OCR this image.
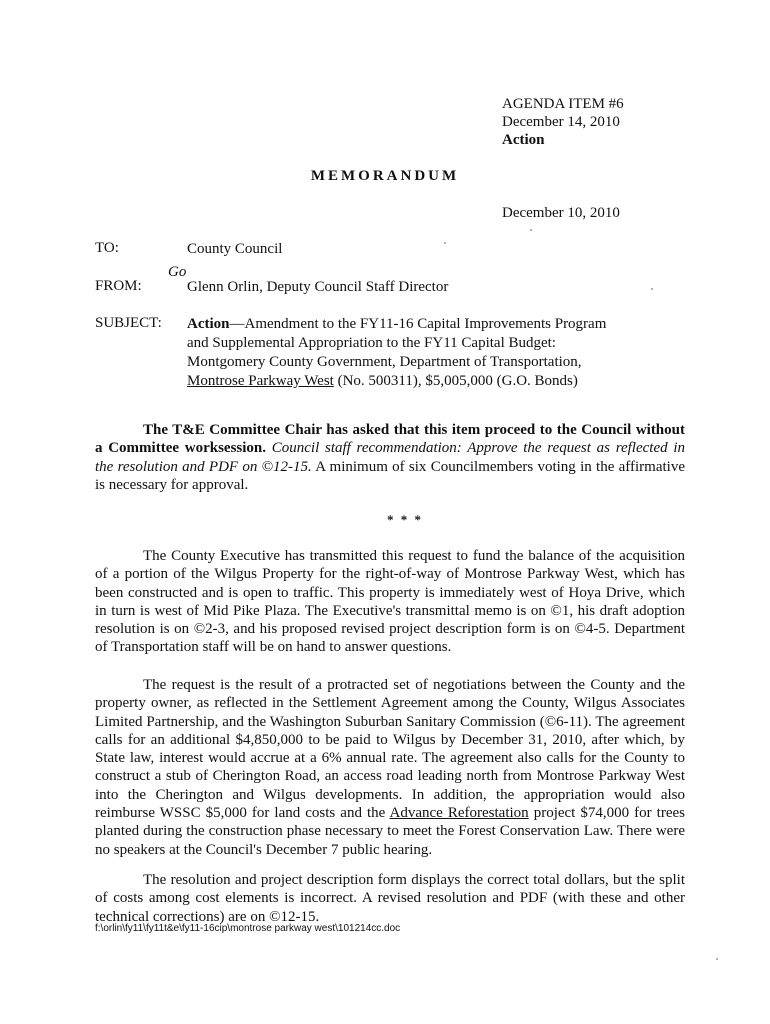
AGENDA ITEM #6
December 14, 2010
Action
MEMORANDUM
December 10, 2010
TO:	County Council
FROM:
Go
Glenn Orlin, Deputy Council Staff Director
SUBJECT: Action—Amendment to the FY11-16 Capital Improvements Program
and Supplemental Appropriation to the FY11 Capital Budget:
Montgomery County Government, Department of Transportation,
Montrose Parkway West (No. 500311), $5,005,000 (G.O. Bonds)
The T&E Committee Chair has asked that this item proceed to the Council without a Committee worksession. Council staff recommendation: Approve the request as reflected in the resolution and PDF on ©12-15. A minimum of six Councilmembers voting in the affirmative is necessary for approval.
* * *
The County Executive has transmitted this request to fund the balance of the acquisition of a portion of the Wilgus Property for the right-of-way of Montrose Parkway West, which has been constructed and is open to traffic. This property is immediately west of Hoya Drive, which in turn is west of Mid Pike Plaza. The Executive's transmittal memo is on ©1, his draft adoption resolution is on ©2-3, and his proposed revised project description form is on ©4-5. Department of Transportation staff will be on hand to answer questions.
The request is the result of a protracted set of negotiations between the County and the property owner, as reflected in the Settlement Agreement among the County, Wilgus Associates Limited Partnership, and the Washington Suburban Sanitary Commission (©6-11). The agreement calls for an additional $4,850,000 to be paid to Wilgus by December 31, 2010, after which, by State law, interest would accrue at a 6% annual rate. The agreement also calls for the County to construct a stub of Cherington Road, an access road leading north from Montrose Parkway West into the Cherington and Wilgus developments. In addition, the appropriation would also reimburse WSSC $5,000 for land costs and the Advance Reforestation project $74,000 for trees planted during the construction phase necessary to meet the Forest Conservation Law. There were no speakers at the Council's December 7 public hearing.
The resolution and project description form displays the correct total dollars, but the split of costs among cost elements is incorrect. A revised resolution and PDF (with these and other technical corrections) are on ©12-15.
f:\orlin\fy11\fy11t&e\fy11-16cip\montrose parkway west\101214cc.doc
